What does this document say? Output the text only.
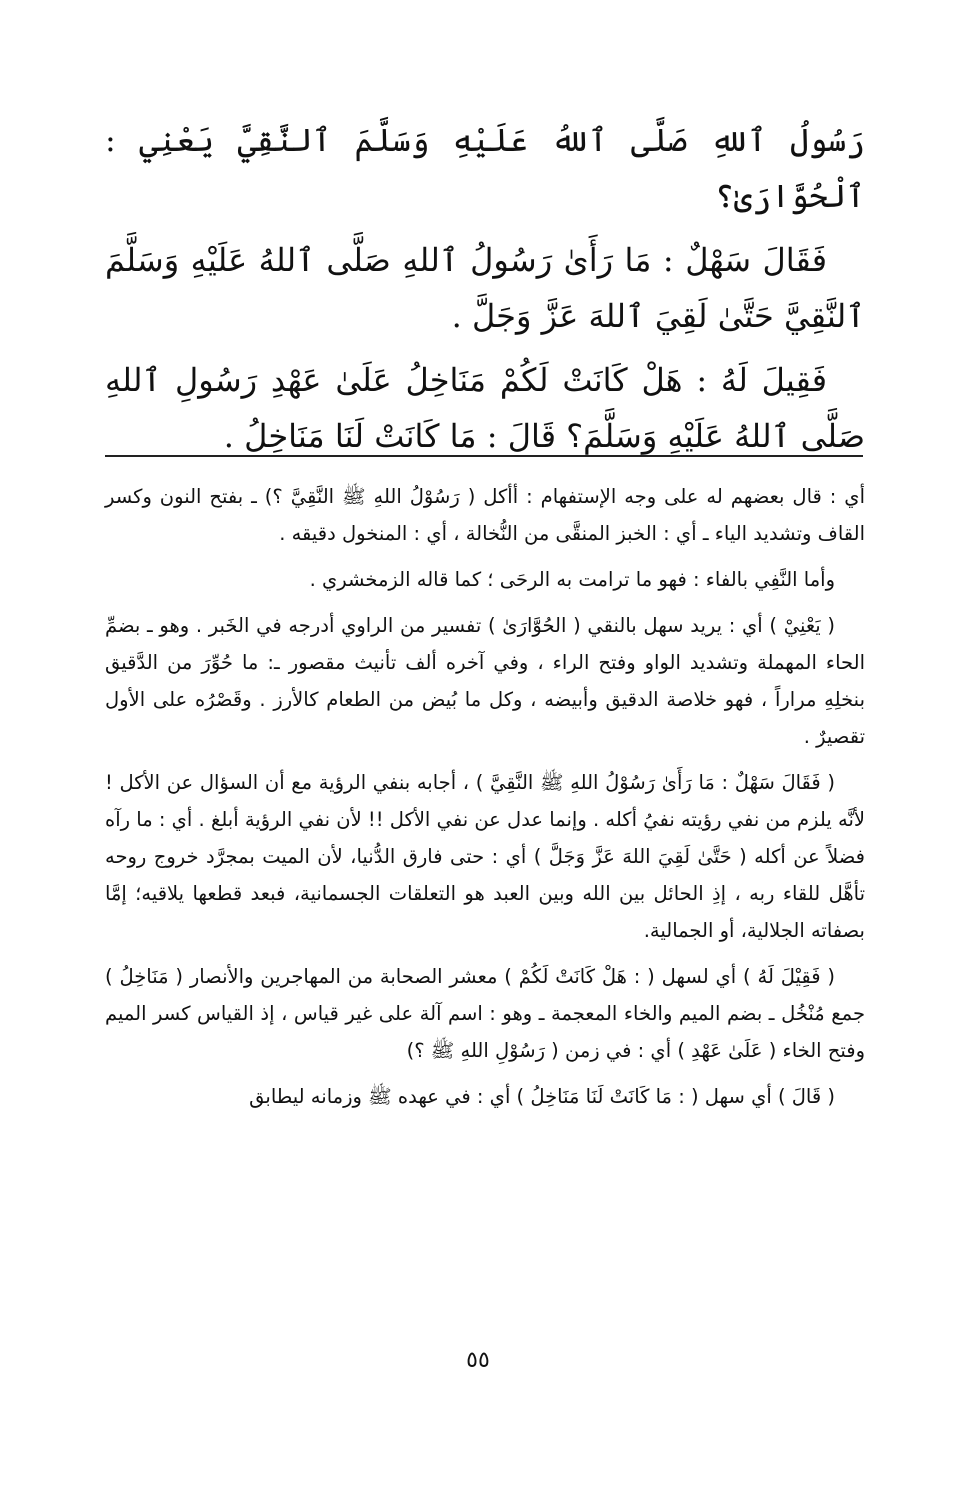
رَسُولُ ٱللهِ صَلَّى ٱللهُ عَلَيْهِ وَسَلَّمَ ٱلنَّقِيَّ يَعْنِي : ٱلْحُوَّارَىٰ؟

فَقَالَ سَهْلٌ : مَا رَأَىٰ رَسُولُ ٱللهِ صَلَّى ٱللهُ عَلَيْهِ وَسَلَّمَ ٱلنَّقِيَّ حَتَّىٰ لَقِيَ ٱللهَ عَزَّ وَجَلَّ .

فَقِيلَ لَهُ : هَلْ كَانَتْ لَكُمْ مَنَاخِلُ عَلَىٰ عَهْدِ رَسُولِ ٱللهِ صَلَّى ٱللهُ عَلَيْهِ وَسَلَّمَ؟ قَالَ : مَا كَانَتْ لَنَا مَنَاخِلُ .

أي : قال بعضهم له على وجه الإستفهام : أأكل ( رَسُوْلُ اللهِ ﷺ النَّقِيَّ ؟) ـ بفتح النون وكسر القاف وتشديد الياء ـ أي : الخبز المنقَّى من النُّخالة ، أي : المنخول دقيقه .

وأما النَّفِي بالفاء : فهو ما ترامت به الرحَى ؛ كما قاله الزمخشري .

( يَعْنِيْ ) أي : يريد سهل بالنقي ( الحُوَّارَىٰ ) تفسير من الراوي أدرجه في الخَبر . وهو ـ بضمِّ الحاء المهملة وتشديد الواو وفتح الراء ، وفي آخره ألف تأنيث مقصور ـ: ما حُوِّرَ من الدَّقيق بنخلِهِ مراراً ، فهو خلاصة الدقيق وأبيضه ، وكل ما بُيض من الطعام كالأرز . وقَصْرُه على الأول تقصيرٌ .

( فَقَالَ سَهْلٌ : مَا رَأَىٰ رَسُوْلُ اللهِ ﷺ النَّقِيَّ ) ، أجابه بنفي الرؤية مع أن السؤال عن الأكل ! لأنَّه يلزم من نفي رؤيته نفيُ أكله . وإنما عدل عن نفي الأكل !! لأن نفي الرؤية أبلغ . أي : ما رآه فضلاً عن أكله ( حَتَّىٰ لَقِيَ اللهَ عَزَّ وَجَلَّ ) أي : حتى فارق الدُّنيا، لأن الميت بمجرَّد خروج روحه تأهَّل للقاء ربه ، إذِ الحائل بين الله وبين العبد هو التعلقات الجسمانية، فبعد قطعها يلاقيه؛ إمَّا بصفاته الجلالية، أو الجمالية.

( فَقِيْلَ لَهُ ) أي لسهل ( : هَلْ كَانَتْ لَكُمْ ) معشر الصحابة من المهاجرين والأنصار ( مَنَاخِلُ ) جمع مُنْخُل ـ بضم الميم والخاء المعجمة ـ وهو : اسم آلة على غير قياس ، إذ القياس كسر الميم وفتح الخاء ( عَلَىٰ عَهْدِ ) أي : في زمن ( رَسُوْلِ اللهِ ﷺ ؟)

( قَالَ ) أي سهل ( : مَا كَانَتْ لَنَا مَنَاخِلُ ) أي : في عهده ﷺ وزمانه ليطابق

٥٥
